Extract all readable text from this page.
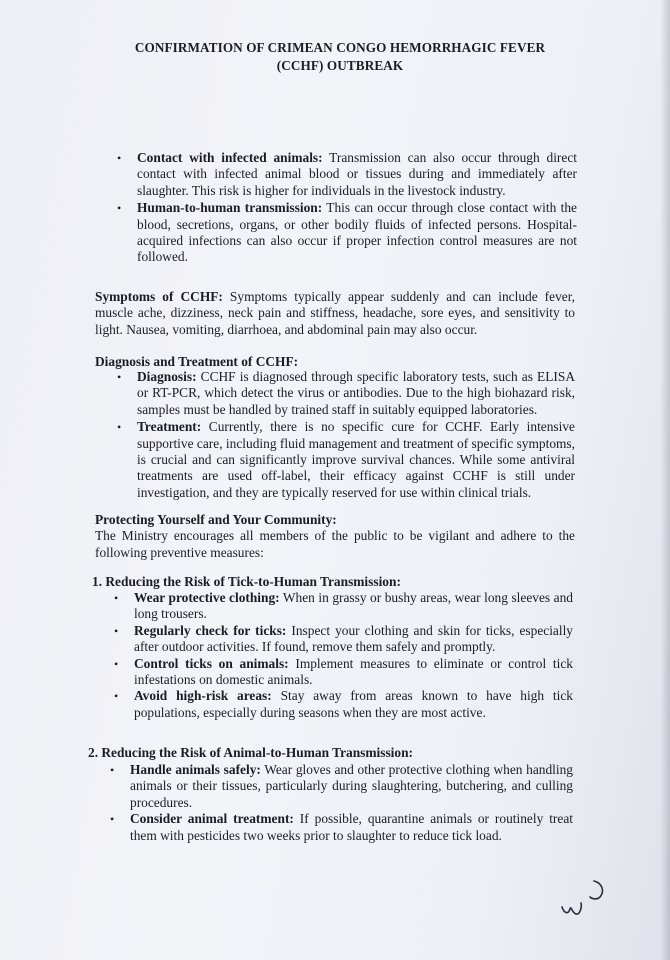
CONFIRMATION OF CRIMEAN CONGO HEMORRHAGIC FEVER
(CCHF) OUTBREAK
• Contact with infected animals: Transmission can also occur through direct contact with infected animal blood or tissues during and immediately after slaughter. This risk is higher for individuals in the livestock industry.
• Human-to-human transmission: This can occur through close contact with the blood, secretions, organs, or other bodily fluids of infected persons. Hospital-acquired infections can also occur if proper infection control measures are not followed.
Symptoms of CCHF: Symptoms typically appear suddenly and can include fever, muscle ache, dizziness, neck pain and stiffness, headache, sore eyes, and sensitivity to light. Nausea, vomiting, diarrhoea, and abdominal pain may also occur.
Diagnosis and Treatment of CCHF:
• Diagnosis: CCHF is diagnosed through specific laboratory tests, such as ELISA or RT-PCR, which detect the virus or antibodies. Due to the high biohazard risk, samples must be handled by trained staff in suitably equipped laboratories.
• Treatment: Currently, there is no specific cure for CCHF. Early intensive supportive care, including fluid management and treatment of specific symptoms, is crucial and can significantly improve survival chances. While some antiviral treatments are used off-label, their efficacy against CCHF is still under investigation, and they are typically reserved for use within clinical trials.
Protecting Yourself and Your Community:
The Ministry encourages all members of the public to be vigilant and adhere to the following preventive measures:
1. Reducing the Risk of Tick-to-Human Transmission:
• Wear protective clothing: When in grassy or bushy areas, wear long sleeves and long trousers.
• Regularly check for ticks: Inspect your clothing and skin for ticks, especially after outdoor activities. If found, remove them safely and promptly.
• Control ticks on animals: Implement measures to eliminate or control tick infestations on domestic animals.
• Avoid high-risk areas: Stay away from areas known to have high tick populations, especially during seasons when they are most active.
2. Reducing the Risk of Animal-to-Human Transmission:
• Handle animals safely: Wear gloves and other protective clothing when handling animals or their tissues, particularly during slaughtering, butchering, and culling procedures.
• Consider animal treatment: If possible, quarantine animals or routinely treat them with pesticides two weeks prior to slaughter to reduce tick load.
